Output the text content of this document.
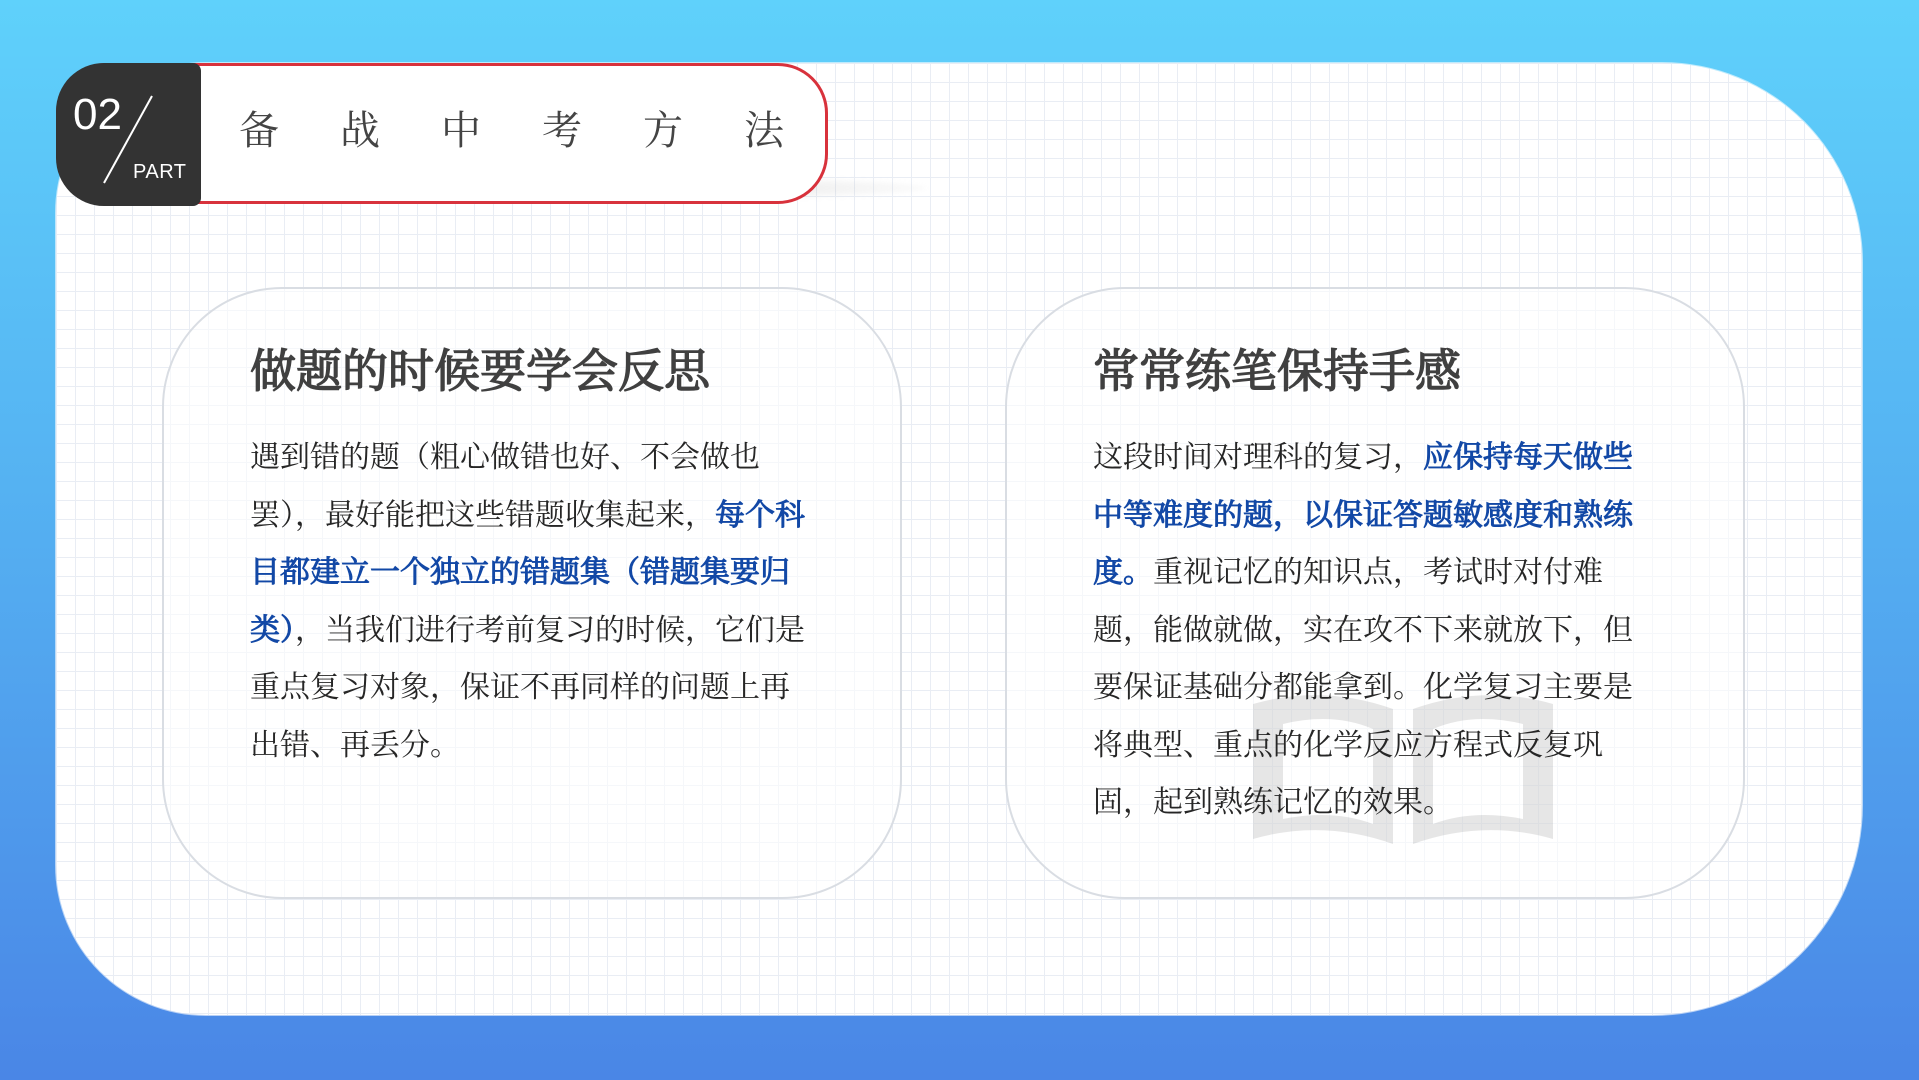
02
PART
备	战	中	考	方	法
做题的时候要学会反思

遇到错的题（粗心做错也好、不会做也罢），最好能把这些错题收集起来，每个科目都建立一个独立的错题集（错题集要归类），当我们进行考前复习的时候，它们是重点复习对象，保证不再同样的问题上再出错、再丢分。

常常练笔保持手感

这段时间对理科的复习，应保持每天做些中等难度的题，以保证答题敏感度和熟练度。重视记忆的知识点，考试时对付难题，能做就做，实在攻不下来就放下，但要保证基础分都能拿到。化学复习主要是将典型、重点的化学反应方程式反复巩固，起到熟练记忆的效果。
